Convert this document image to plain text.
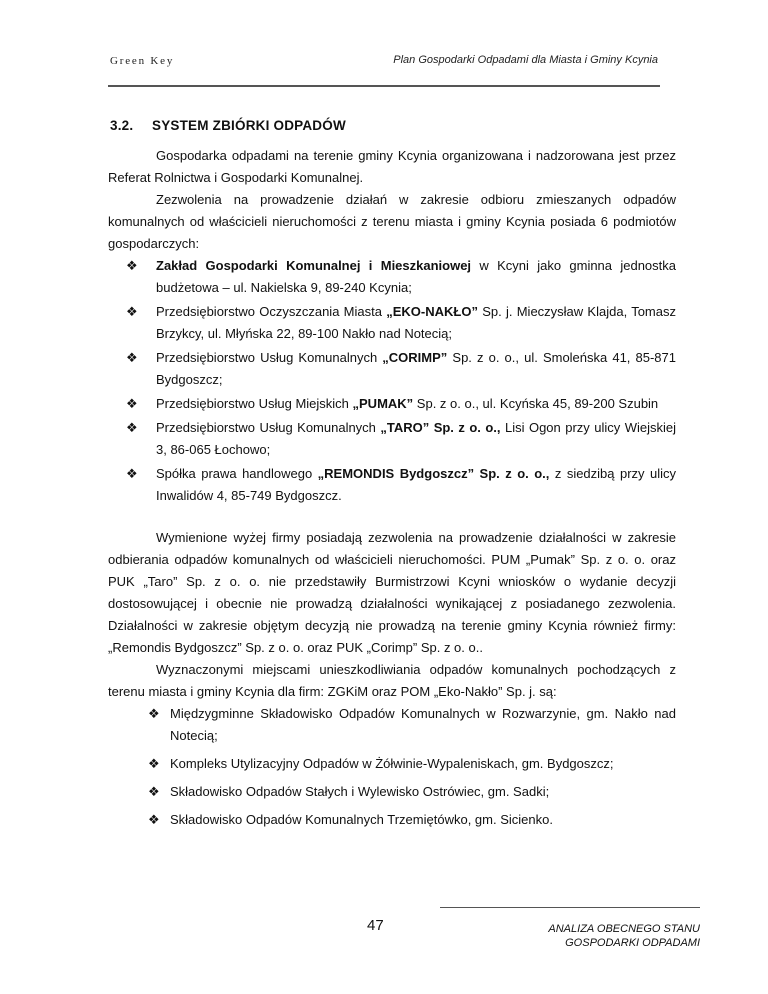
Green Key	Plan Gospodarki Odpadami dla Miasta i Gminy Kcynia
3.2. SYSTEM ZBIÓRKI ODPADÓW

Gospodarka odpadami na terenie gminy Kcynia organizowana i nadzorowana jest przez Referat Rolnictwa i Gospodarki Komunalnej.

Zezwolenia na prowadzenie działań w zakresie odbioru zmieszanych odpadów komunalnych od właścicieli nieruchomości z terenu miasta i gminy Kcynia posiada 6 podmiotów gospodarczych:

❖ Zakład Gospodarki Komunalnej i Mieszkaniowej w Kcyni jako gminna jednostka budżetowa – ul. Nakielska 9, 89-240 Kcynia;
❖ Przedsiębiorstwo Oczyszczania Miasta „EKO-NAKŁO” Sp. j. Mieczysław Klajda, Tomasz Brzykcy, ul. Młyńska 22, 89-100 Nakło nad Notecią;
❖ Przedsiębiorstwo Usług Komunalnych „CORIMP” Sp. z o. o., ul. Smoleńska 41, 85-871 Bydgoszcz;
❖ Przedsiębiorstwo Usług Miejskich „PUMAK” Sp. z o. o., ul. Kcyńska 45, 89-200 Szubin
❖ Przedsiębiorstwo Usług Komunalnych „TARO” Sp. z o. o., Lisi Ogon przy ulicy Wiejskiej 3, 86-065 Łochowo;
❖ Spółka prawa handlowego „REMONDIS Bydgoszcz” Sp. z o. o., z siedzibą przy ulicy Inwalidów 4, 85-749 Bydgoszcz.

Wymienione wyżej firmy posiadają zezwolenia na prowadzenie działalności w zakresie odbierania odpadów komunalnych od właścicieli nieruchomości. PUM „Pumak” Sp. z o. o. oraz PUK „Taro” Sp. z o. o. nie przedstawiły Burmistrzowi Kcyni wniosków o wydanie decyzji dostosowującej i obecnie nie prowadzą działalności wynikającej z posiadanego zezwolenia. Działalności w zakresie objętym decyzją nie prowadzą na terenie gminy Kcynia również firmy: „Remondis Bydgoszcz” Sp. z o. o. oraz PUK „Corimp” Sp. z o. o..

Wyznaczonymi miejscami unieszkodliwiania odpadów komunalnych pochodzących z terenu miasta i gminy Kcynia dla firm: ZGKiM oraz POM „Eko-Nakło” Sp. j. są:

❖ Międzygminne Składowisko Odpadów Komunalnych w Rozwarzynie, gm. Nakło nad Notecią;
❖ Kompleks Utylizacyjny Odpadów w Żółwinie-Wypaleniskach, gm. Bydgoszcz;
❖ Składowisko Odpadów Stałych i Wylewisko Ostrówiec, gm. Sadki;
❖ Składowisko Odpadów Komunalnych Trzemiętówko, gm. Sicienko.
47	ANALIZA OBECNEGO STANU
GOSPODARKI ODPADAMI
